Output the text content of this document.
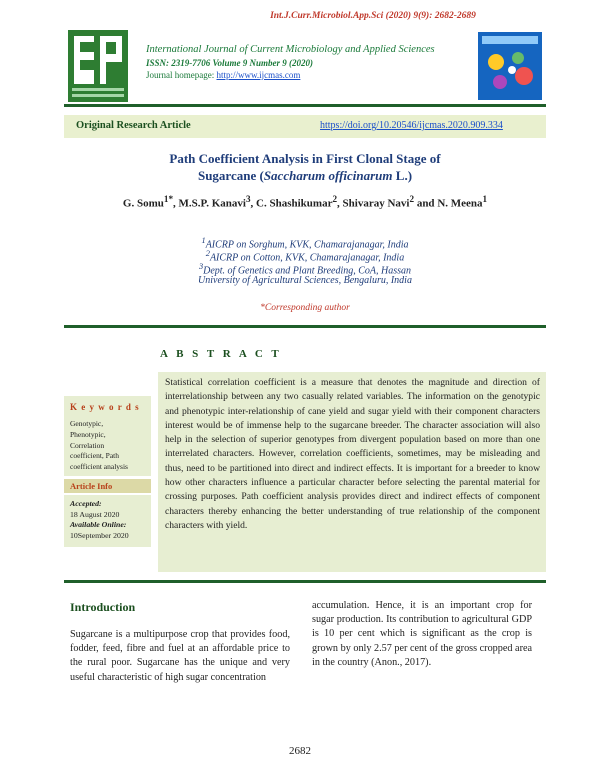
Int.J.Curr.Microbiol.App.Sci (2020) 9(9): 2682-2689
International Journal of Current Microbiology and Applied Sciences
ISSN: 2319-7706 Volume 9 Number 9 (2020)
Journal homepage: http://www.ijcmas.com
Original Research Article	https://doi.org/10.20546/ijcmas.2020.909.334
Path Coefficient Analysis in First Clonal Stage of
Sugarcane (Saccharum officinarum L.)
G. Somu$^{1*}$, M.S.P. Kanavi$^3$, C. Shashikumar$^2$, Shivaray Navi$^2$ and N. Meena$^1$
$^1$AICRP on Sorghum, KVK, Chamarajanagar, India
$^2$AICRP on Cotton, KVK, Chamarajanagar, India
$^3$Dept. of Genetics and Plant Breeding, CoA, Hassan
University of Agricultural Sciences, Bengaluru, India
*Corresponding author
A B S T R A C T
Statistical correlation coefficient is a measure that denotes the magnitude and direction of interrelationship between any two casually related variables. The information on the genotypic and phenotypic inter-relationship of cane yield and sugar yield with their component characters interest would be of immense help to the sugarcane breeder. The character association will also help in the selection of superior genotypes from divergent population based on more than one interrelated characters. However, correlation coefficients, sometimes, may be misleading and thus, need to be partitioned into direct and indirect effects. It is important for a breeder to know how other characters influence a particular character before selecting the parental material for crossing purposes. Path coefficient analysis provides direct and indirect effects of component characters thereby enhancing the better understanding of true relationship of the component characters with yield.
K e y w o r d s
Genotypic,
Phenotypic,
Correlation
coefficient, Path
coefficient analysis
Article Info
Accepted:
18 August 2020
Available Online:
10September 2020
Introduction
Sugarcane is a multipurpose crop that provides food, fodder, feed, fibre and fuel at an affordable price to the rural poor. Sugarcane has the unique and very useful characteristic of high sugar concentration
accumulation. Hence, it is an important crop for sugar production. Its contribution to agricultural GDP is 10 per cent which is significant as the crop is grown by only 2.57 per cent of the gross cropped area in the country (Anon., 2017).
2682
